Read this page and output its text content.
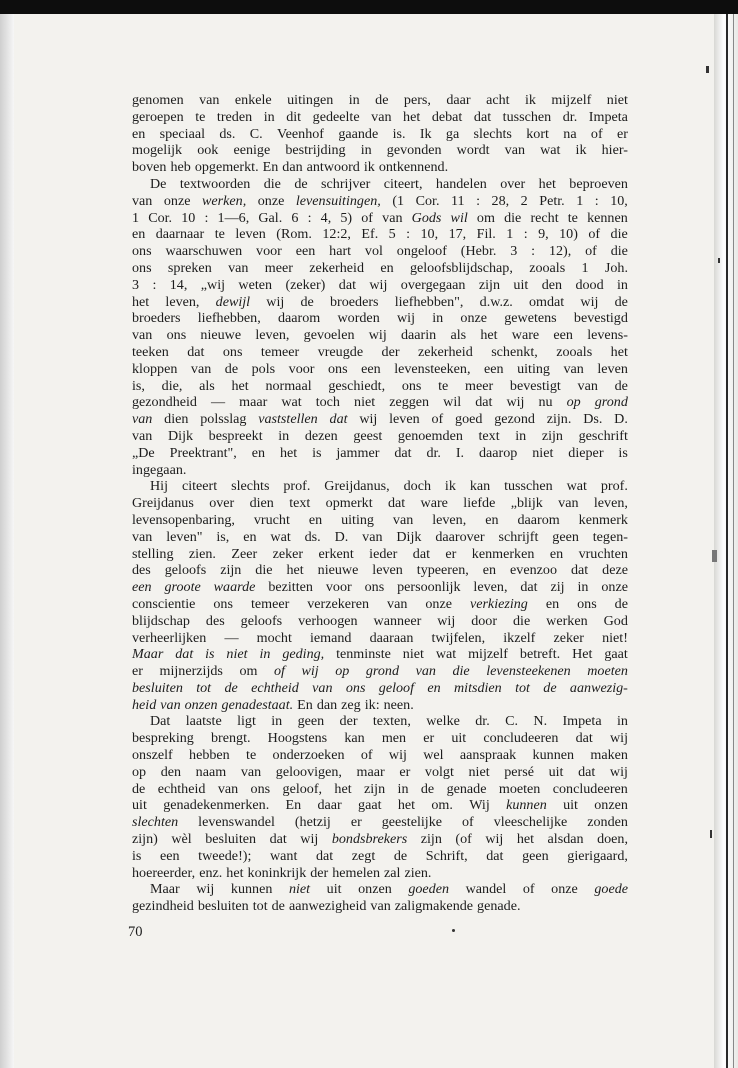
genomen van enkele uitingen in de pers, daar acht ik mijzelf niet
geroepen te treden in dit gedeelte van het debat dat tusschen dr. Impeta
en speciaal ds. C. Veenhof gaande is. Ik ga slechts kort na of er
mogelijk ook eenige bestrijding in gevonden wordt van wat ik hier-
boven heb opgemerkt. En dan antwoord ik ontkennend.
De textwoorden die de schrijver citeert, handelen over het beproeven
van onze werken, onze levensuitingen, (1 Cor. 11 : 28, 2 Petr. 1 : 10,
1 Cor. 10 : 1—6, Gal. 6 : 4, 5) of van Gods wil om die recht te kennen
en daarnaar te leven (Rom. 12:2, Ef. 5 : 10, 17, Fil. 1 : 9, 10) of die
ons waarschuwen voor een hart vol ongeloof (Hebr. 3 : 12), of die
ons spreken van meer zekerheid en geloofsblijdschap, zooals 1 Joh.
3 : 14, „wij weten (zeker) dat wij overgegaan zijn uit den dood in
het leven, dewijl wij de broeders liefhebben", d.w.z. omdat wij de
broeders liefhebben, daarom worden wij in onze gewetens bevestigd
van ons nieuwe leven, gevoelen wij daarin als het ware een levens-
teeken dat ons temeer vreugde der zekerheid schenkt, zooals het
kloppen van de pols voor ons een levensteeken, een uiting van leven
is, die, als het normaal geschiedt, ons te meer bevestigt van de
gezondheid — maar wat toch niet zeggen wil dat wij nu op grond
van dien polsslag vaststellen dat wij leven of goed gezond zijn. Ds. D.
van Dijk bespreekt in dezen geest genoemden text in zijn geschrift
„De Preektrant", en het is jammer dat dr. I. daarop niet dieper is
ingegaan.
Hij citeert slechts prof. Greijdanus, doch ik kan tusschen wat prof.
Greijdanus over dien text opmerkt dat ware liefde „blijk van leven,
levensopenbaring, vrucht en uiting van leven, en daarom kenmerk
van leven" is, en wat ds. D. van Dijk daarover schrijft geen tegen-
stelling zien. Zeer zeker erkent ieder dat er kenmerken en vruchten
des geloofs zijn die het nieuwe leven typeeren, en evenzoo dat deze
een groote waarde bezitten voor ons persoonlijk leven, dat zij in onze
conscientie ons temeer verzekeren van onze verkiezing en ons de
blijdschap des geloofs verhoogen wanneer wij door die werken God
verheerlijken — mocht iemand daaraan twijfelen, ikzelf zeker niet!
Maar dat is niet in geding, tenminste niet wat mijzelf betreft. Het gaat
er mijnerzijds om of wij op grond van die levensteekenen moeten
besluiten tot de echtheid van ons geloof en mitsdien tot de aanwezig-
heid van onzen genadestaat. En dan zeg ik: neen.
Dat laatste ligt in geen der texten, welke dr. C. N. Impeta in
bespreking brengt. Hoogstens kan men er uit concludeeren dat wij
onszelf hebben te onderzoeken of wij wel aanspraak kunnen maken
op den naam van geloovigen, maar er volgt niet persé uit dat wij
de echtheid van ons geloof, het zijn in de genade moeten concludeeren
uit genadekenmerken. En daar gaat het om. Wij kunnen uit onzen
slechten levenswandel (hetzij er geestelijke of vleeschelijke zonden
zijn) wèl besluiten dat wij bondsbrekers zijn (of wij het alsdan doen,
is een tweede!); want dat zegt de Schrift, dat geen gierigaard,
hoereerder, enz. het koninkrijk der hemelen zal zien.
Maar wij kunnen niet uit onzen goeden wandel of onze goede
gezindheid besluiten tot de aanwezigheid van zaligmakende genade.
70
